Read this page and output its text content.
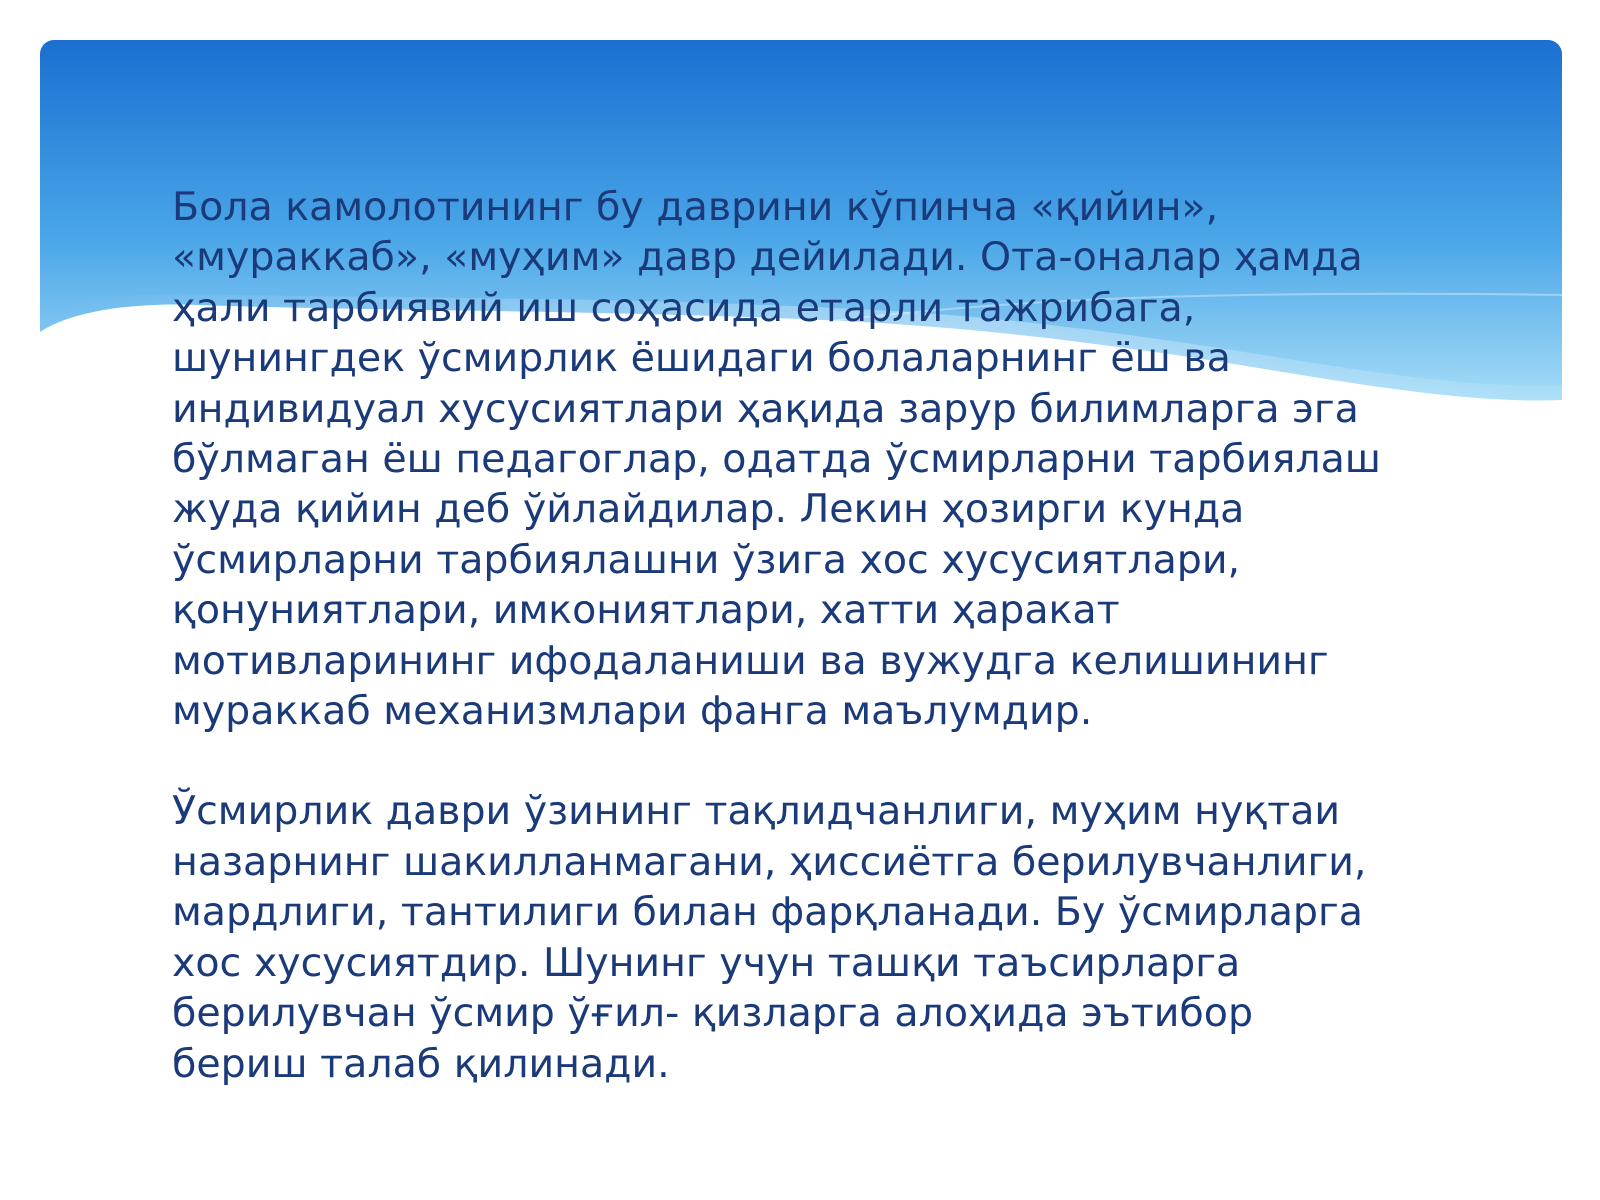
Бола камолотининг бу даврини кўпинча «қийин»,
«мураккаб», «муҳим» давр дейилади. Ота-оналар ҳамда
ҳали тарбиявий иш соҳасида етарли тажрибага,
шунингдек ўсмирлик ёшидаги болаларнинг ёш ва
индивидуал хусусиятлари ҳақида зарур билимларга эга
бўлмаган ёш педагоглар, одатда ўсмирларни тарбиялаш
жуда қийин деб ўйлайдилар. Лекин ҳозирги кунда
ўсмирларни тарбиялашни ўзига хос хусусиятлари,
қонуниятлари, имкониятлари, хатти ҳаракат
мотивларининг ифодаланиши ва вужудга келишининг
мураккаб механизмлари фанга маълумдир.

Ўсмирлик даври ўзининг тақлидчанлиги, муҳим нуқтаи
назарнинг шакилланмагани, ҳиссиётга берилувчанлиги,
мардлиги, тантилиги билан фарқланади. Бу ўсмирларга
хос хусусиятдир. Шунинг учун ташқи таъсирларга
берилувчан ўсмир ўғил- қизларга алоҳида эътибор
бериш талаб қилинади.
